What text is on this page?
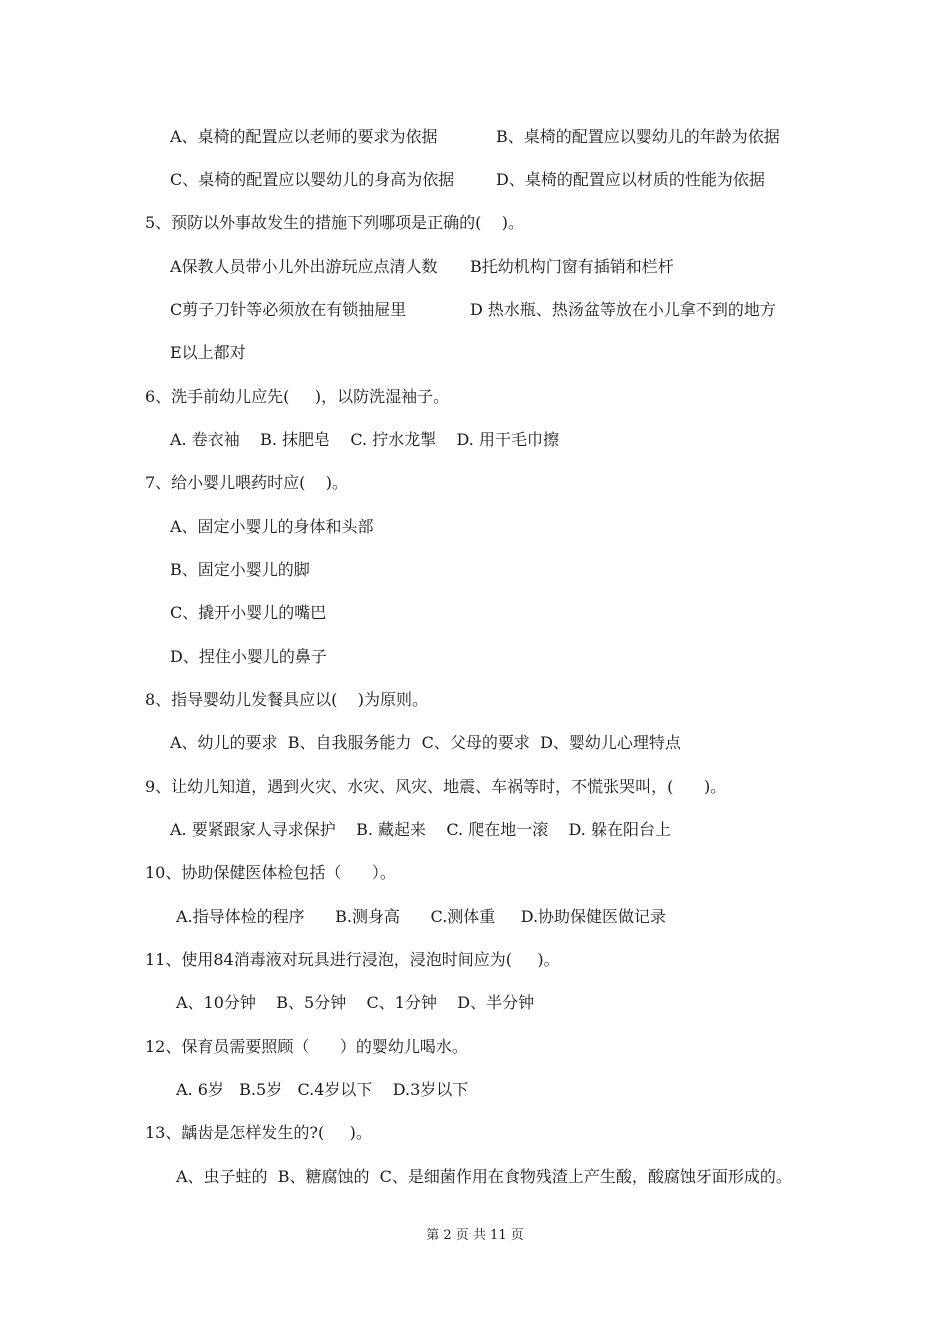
A、桌椅的配置应以老师的要求为依据	B、桌椅的配置应以婴幼儿的年龄为依据
C、桌椅的配置应以婴幼儿的身高为依据	D、桌椅的配置应以材质的性能为依据
5、预防以外事故发生的措施下列哪项是正确的(    )。
A保教人员带小儿外出游玩应点清人数 B托幼机构门窗有插销和栏杆
C剪子刀针等必须放在有锁抽屉里	D 热水瓶、热汤盆等放在小儿拿不到的地方
E以上都对
6、洗手前幼儿应先(     )，以防洗湿袖子。
A. 卷衣袖    B. 抹肥皂    C. 拧水龙掣    D. 用干毛巾擦
7、给小婴儿喂药时应(    )。
A、固定小婴儿的身体和头部
B、固定小婴儿的脚
C、撬开小婴儿的嘴巴
D、捏住小婴儿的鼻子
8、指导婴幼儿发餐具应以(    )为原则。
A、幼儿的要求  B、自我服务能力  C、父母的要求  D、婴幼儿心理特点
9、让幼儿知道，遇到火灾、水灾、风灾、地震、车祸等时，不慌张哭叫，(      )。
A. 要紧跟家人寻求保护    B. 藏起来    C. 爬在地一滚    D. 躲在阳台上
10、协助保健医体检包括（      ）。
A.指导体检的程序      B.测身高      C.测体重     D.协助保健医做记录
11、使用84消毒液对玩具进行浸泡，浸泡时间应为(     )。
A、10分钟    B、5分钟    C、1分钟    D、半分钟
12、保育员需要照顾（      ）的婴幼儿喝水。
A. 6岁   B.5岁   C.4岁以下    D.3岁以下
13、龋齿是怎样发生的?(     )。
A、虫子蛀的  B、糖腐蚀的  C、是细菌作用在食物残渣上产生酸，酸腐蚀牙面形成的。
第 2 页 共 11 页
